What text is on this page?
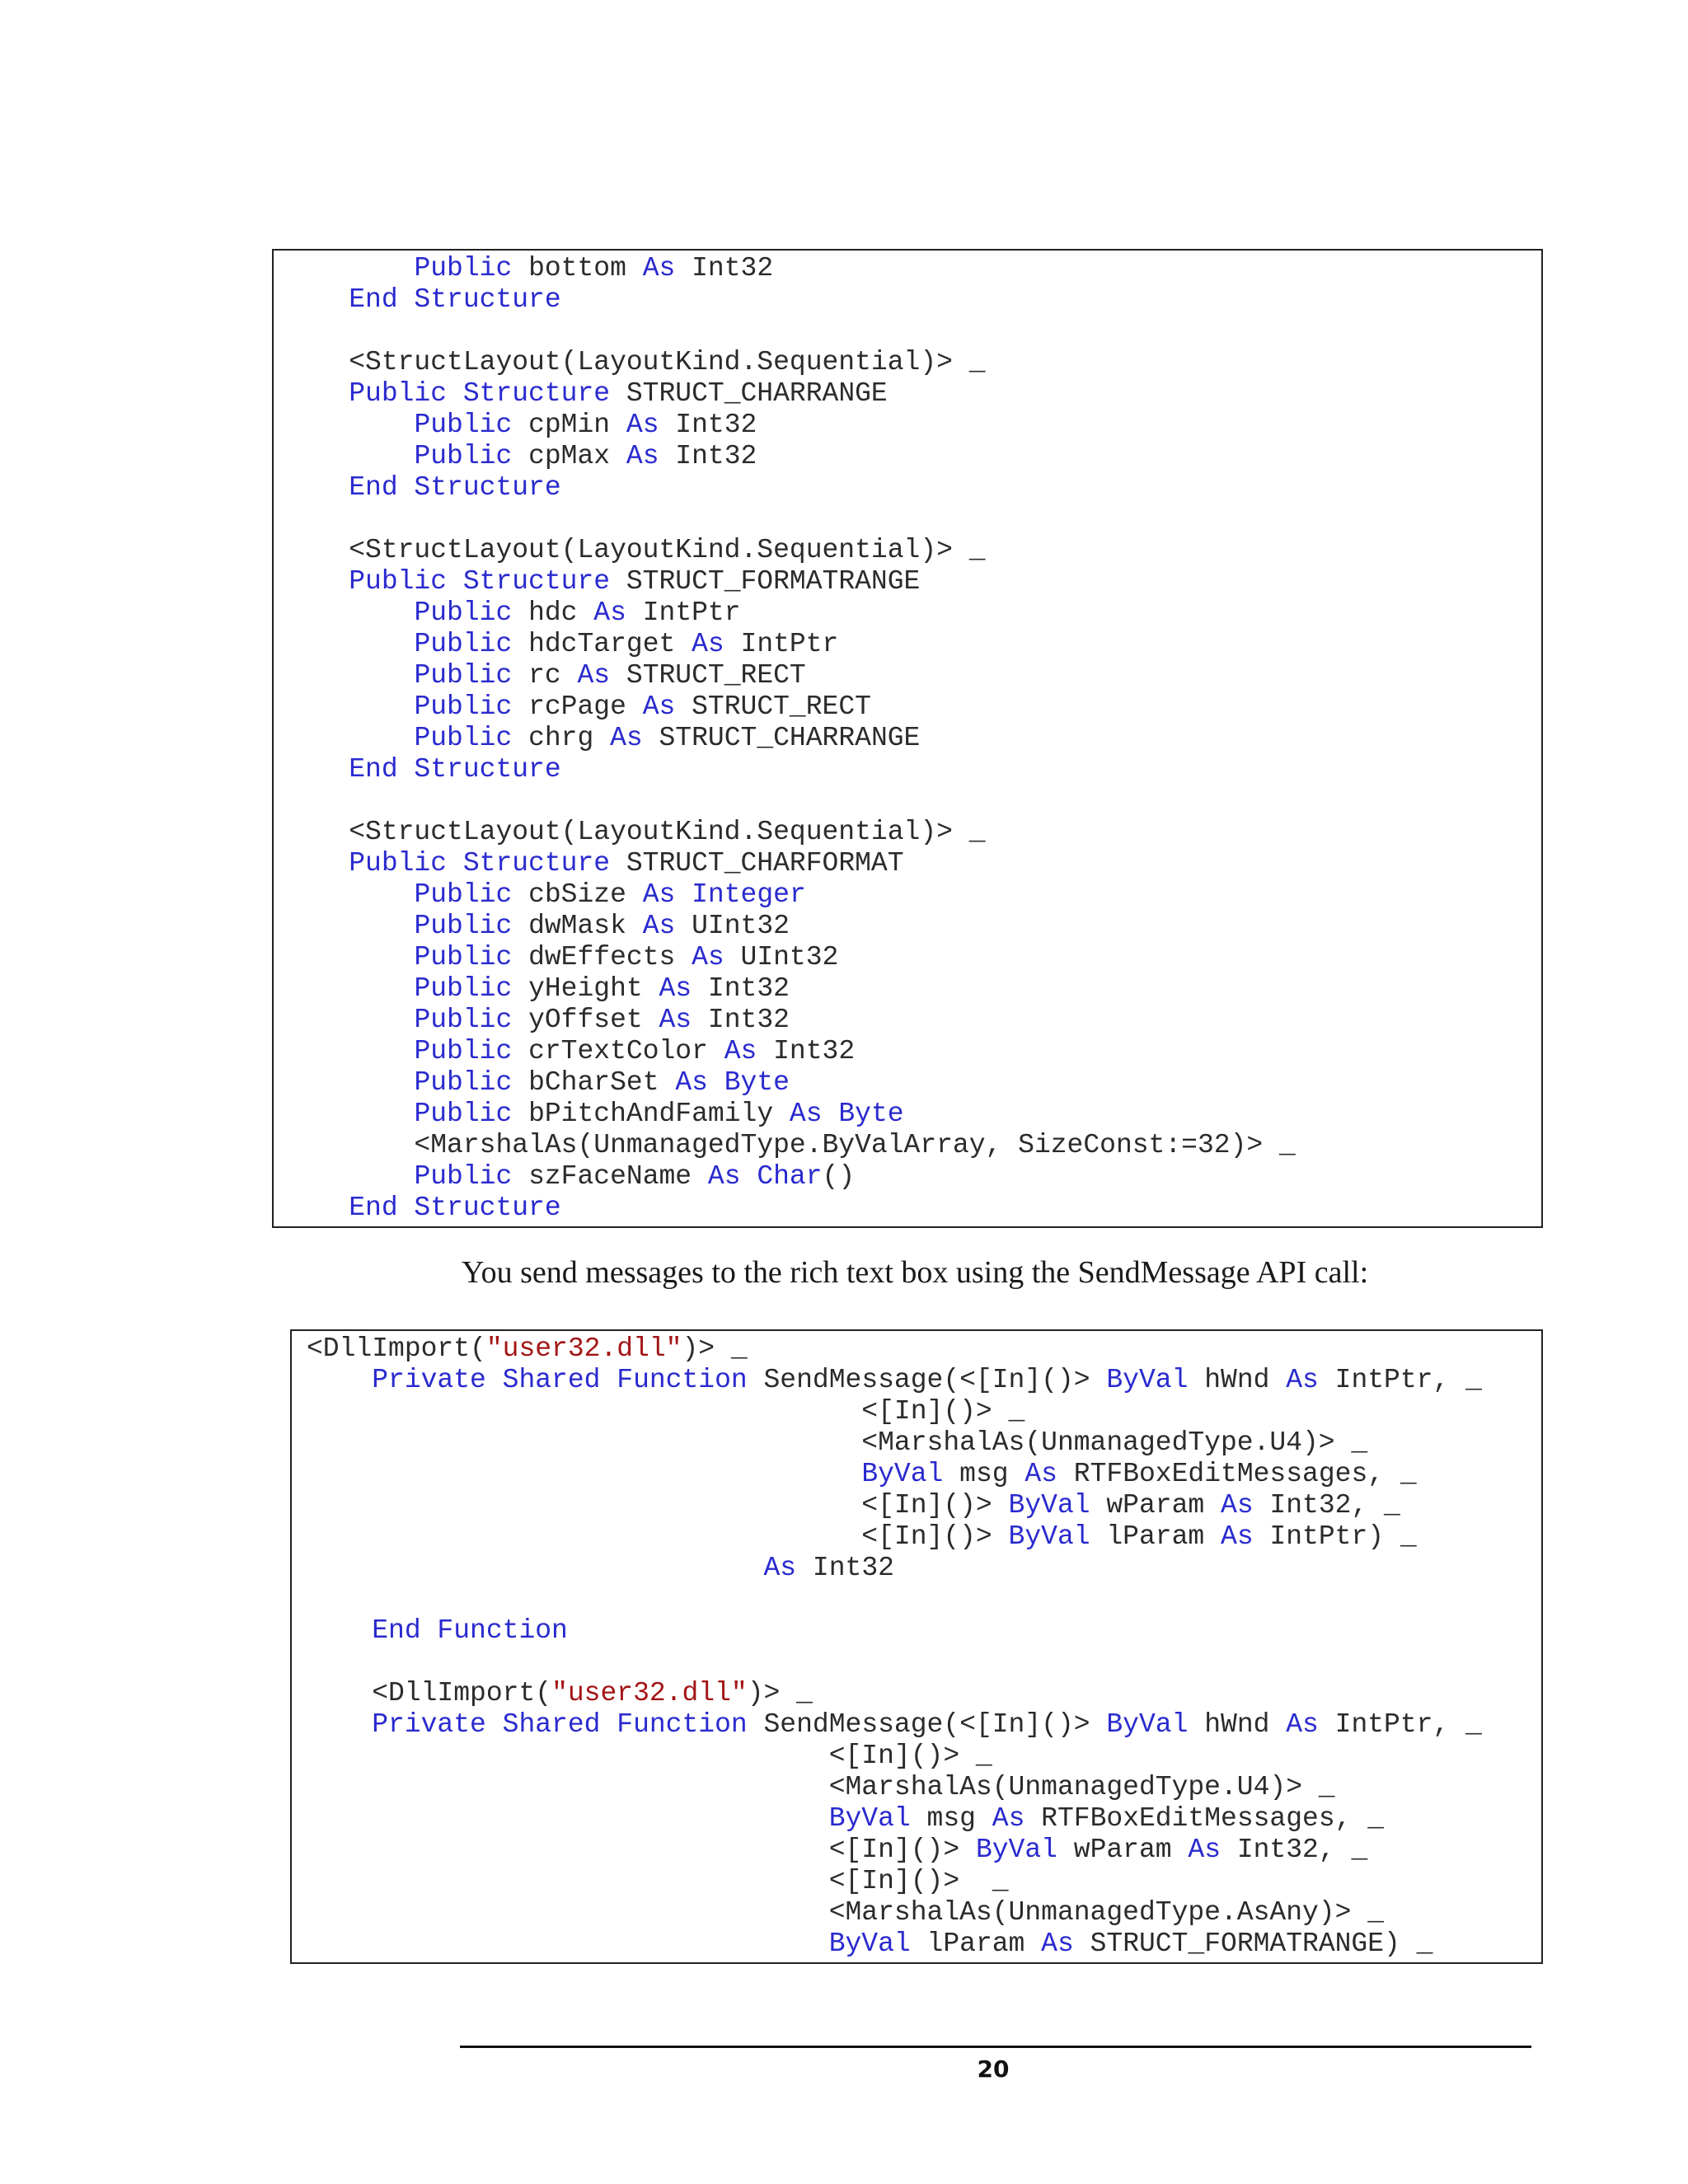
Public bottom As Int32
End Structure

<StructLayout(LayoutKind.Sequential)> _
Public Structure STRUCT_CHARRANGE
Public cpMin As Int32
Public cpMax As Int32
End Structure

<StructLayout(LayoutKind.Sequential)> _
Public Structure STRUCT_FORMATRANGE
Public hdc As IntPtr
Public hdcTarget As IntPtr
Public rc As STRUCT_RECT
Public rcPage As STRUCT_RECT
Public chrg As STRUCT_CHARRANGE
End Structure

<StructLayout(LayoutKind.Sequential)> _
Public Structure STRUCT_CHARFORMAT
Public cbSize As Integer
Public dwMask As UInt32
Public dwEffects As UInt32
Public yHeight As Int32
Public yOffset As Int32
Public crTextColor As Int32
Public bCharSet As Byte
Public bPitchAndFamily As Byte
<MarshalAs(UnmanagedType.ByValArray, SizeConst:=32)> _
Public szFaceName As Char()
End Structure

You send messages to the rich text box using the SendMessage API call:

<DllImport("user32.dll")> _
Private Shared Function SendMessage(<[In]()> ByVal hWnd As IntPtr, _
<[In]()> _
<MarshalAs(UnmanagedType.U4)> _
ByVal msg As RTFBoxEditMessages, _
<[In]()> ByVal wParam As Int32, _
<[In]()> ByVal lParam As IntPtr) _
As Int32

End Function

<DllImport("user32.dll")> _
Private Shared Function SendMessage(<[In]()> ByVal hWnd As IntPtr, _
<[In]()> _
<MarshalAs(UnmanagedType.U4)> _
ByVal msg As RTFBoxEditMessages, _
<[In]()> ByVal wParam As Int32, _
<[In]()>  _
<MarshalAs(UnmanagedType.AsAny)> _
ByVal lParam As STRUCT_FORMATRANGE) _
20
